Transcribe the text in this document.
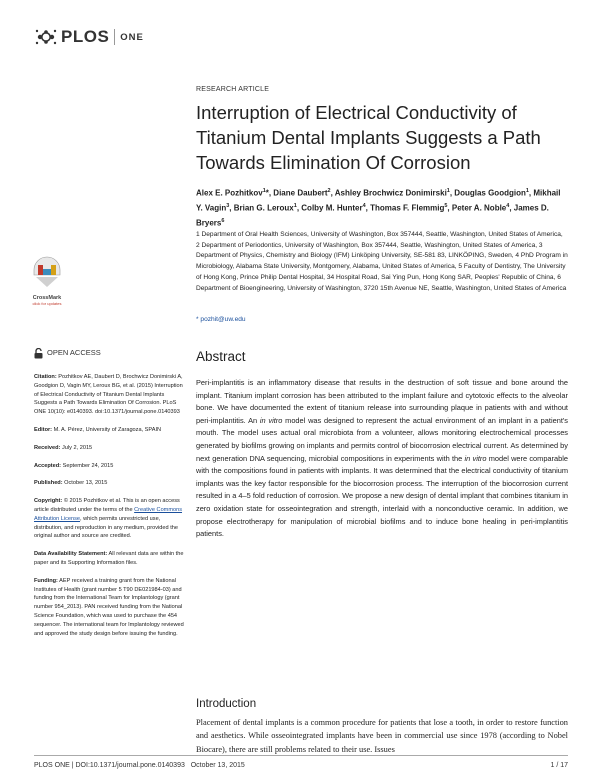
PLOS ONE
RESEARCH ARTICLE
Interruption of Electrical Conductivity of Titanium Dental Implants Suggests a Path Towards Elimination Of Corrosion
Alex E. Pozhitkov$^1$*, Diane Daubert$^2$, Ashley Brochwicz Donimirski$^1$, Douglas Goodgion$^1$, Mikhail Y. Vagin$^3$, Brian G. Leroux$^1$, Colby M. Hunter$^4$, Thomas F. Flemmig$^5$, Peter A. Noble$^4$, James D. Bryers$^6$
1 Department of Oral Health Sciences, University of Washington, Box 357444, Seattle, Washington, United States of America, 2 Department of Periodontics, University of Washington, Box 357444, Seattle, Washington, United States of America, 3 Department of Physics, Chemistry and Biology (IFM) Linköping University, SE-581 83, LINKÖPING, Sweden, 4 PhD Program in Microbiology, Alabama State University, Montgomery, Alabama, United States of America, 5 Faculty of Dentistry, The University of Hong Kong, Prince Philip Dental Hospital, 34 Hospital Road, Sai Ying Pun, Hong Kong SAR, Peoples' Republic of China, 6 Department of Bioengineering, University of Washington, 3720 15th Avenue NE, Seattle, Washington, United States of America
* pozhit@uw.edu
CrossMark
click for updates
OPEN ACCESS
Citation: Pozhitkov AE, Daubert D, Brochwicz Donimirski A, Goodgion D, Vagin MY, Leroux BG, et al. (2015) Interruption of Electrical Conductivity of Titanium Dental Implants Suggests a Path Towards Elimination Of Corrosion. PLoS ONE 10(10): e0140393. doi:10.1371/journal.pone.0140393
Editor: M. A. Pérez, University of Zaragoza, SPAIN
Received: July 2, 2015
Accepted: September 24, 2015
Published: October 13, 2015
Copyright: © 2015 Pozhitkov et al. This is an open access article distributed under the terms of the Creative Commons Attribution License, which permits unrestricted use, distribution, and reproduction in any medium, provided the original author and source are credited.
Data Availability Statement: All relevant data are within the paper and its Supporting Information files.
Funding: AEP received a training grant from the National Institutes of Health (grant number 5 T90 DE021984-03) and funding from the International Team for Implantology (grant number 954_2013). PAN received funding from the National Science Foundation, which was used to purchase the 454 sequencer. The international team for Implantology reviewed and approved the study design before issuing the funding.
Abstract
Peri-implantitis is an inflammatory disease that results in the destruction of soft tissue and bone around the implant. Titanium implant corrosion has been attributed to the implant failure and cytotoxic effects to the alveolar bone. We have documented the extent of titanium release into surrounding plaque in patients with and without peri-implantitis. An in vitro model was designed to represent the actual environment of an implant in a patient's mouth. The model uses actual oral microbiota from a volunteer, allows monitoring electrochemical processes generated by biofilms growing on implants and permits control of biocorrosion electrical current. As determined by next generation DNA sequencing, microbial compositions in experiments with the in vitro model were comparable with the compositions found in patients with implants. It was determined that the electrical conductivity of titanium implants was the key factor responsible for the biocorrosion process. The interruption of the biocorrosion current resulted in a 4–5 fold reduction of corrosion. We propose a new design of dental implant that combines titanium in zero oxidation state for osseointegration and strength, interlaid with a nonconductive ceramic. In addition, we propose electrotherapy for manipulation of microbial biofilms and to induce bone healing in peri-implantitis patients.
Introduction
Placement of dental implants is a common procedure for patients that lose a tooth, in order to restore function and aesthetics. While osseointegrated implants have been in commercial use since 1978 (according to Nobel Biocare), there are still problems related to their use. Issues
PLOS ONE | DOI:10.1371/journal.pone.0140393   October 13, 2015	1 / 17
